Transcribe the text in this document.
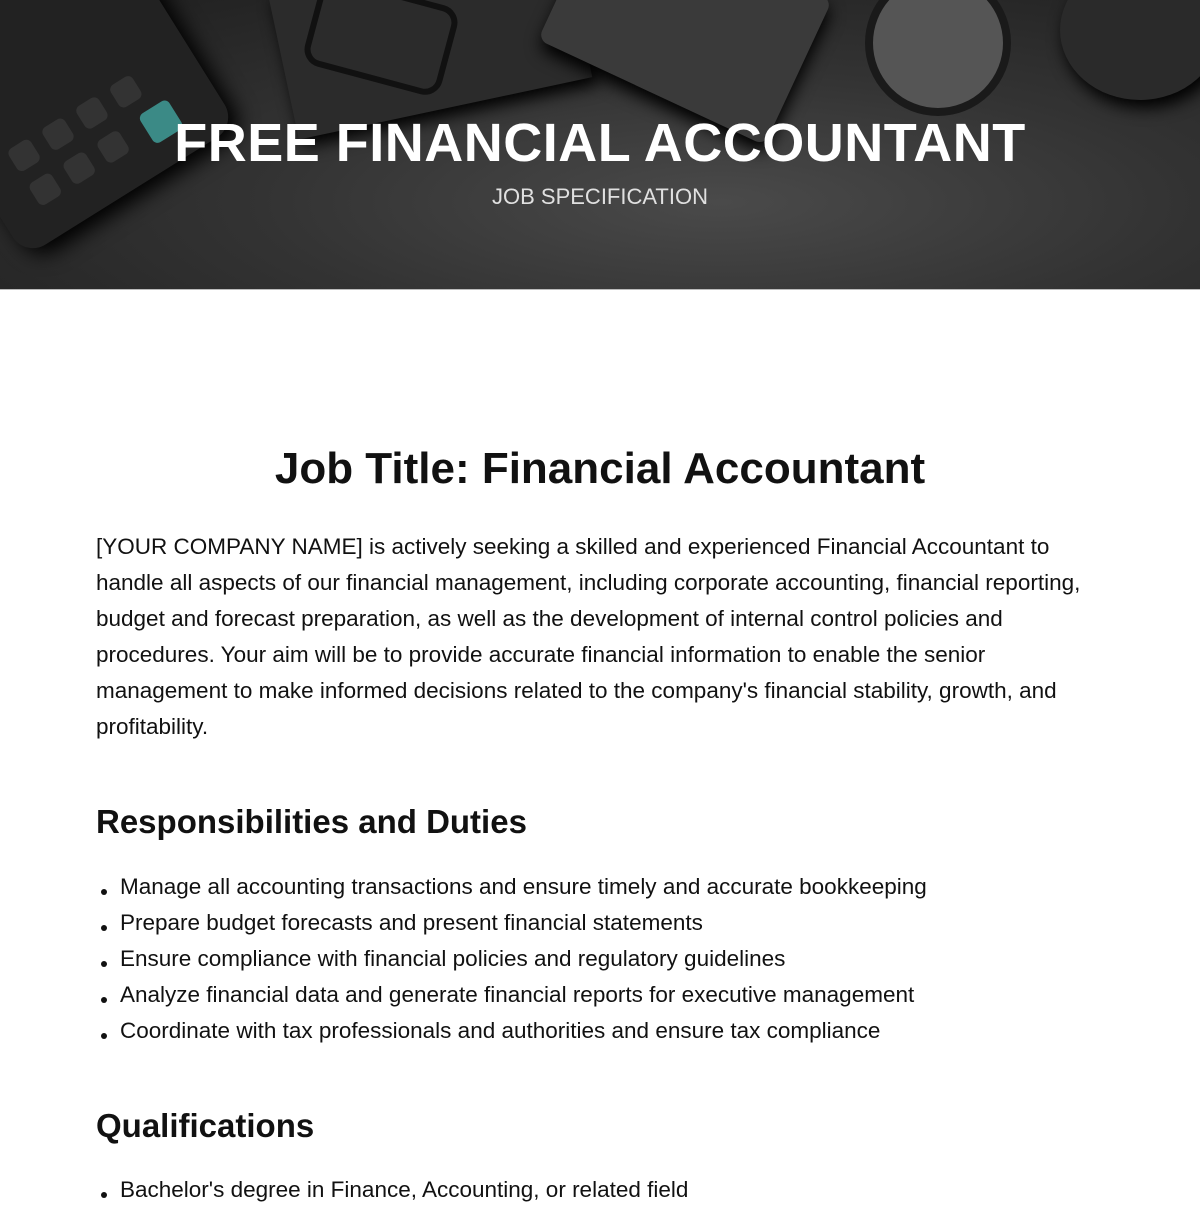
FREE FINANCIAL ACCOUNTANT
JOB SPECIFICATION
Job Title: Financial Accountant

[YOUR COMPANY NAME] is actively seeking a skilled and experienced Financial Accountant to handle all aspects of our financial management, including corporate accounting, financial reporting, budget and forecast preparation, as well as the development of internal control policies and procedures. Your aim will be to provide accurate financial information to enable the senior management to make informed decisions related to the company's financial stability, growth, and profitability.

Responsibilities and Duties
Manage all accounting transactions and ensure timely and accurate bookkeeping
Prepare budget forecasts and present financial statements
Ensure compliance with financial policies and regulatory guidelines
Analyze financial data and generate financial reports for executive management
Coordinate with tax professionals and authorities and ensure tax compliance
Qualifications
Bachelor's degree in Finance, Accounting, or related field
